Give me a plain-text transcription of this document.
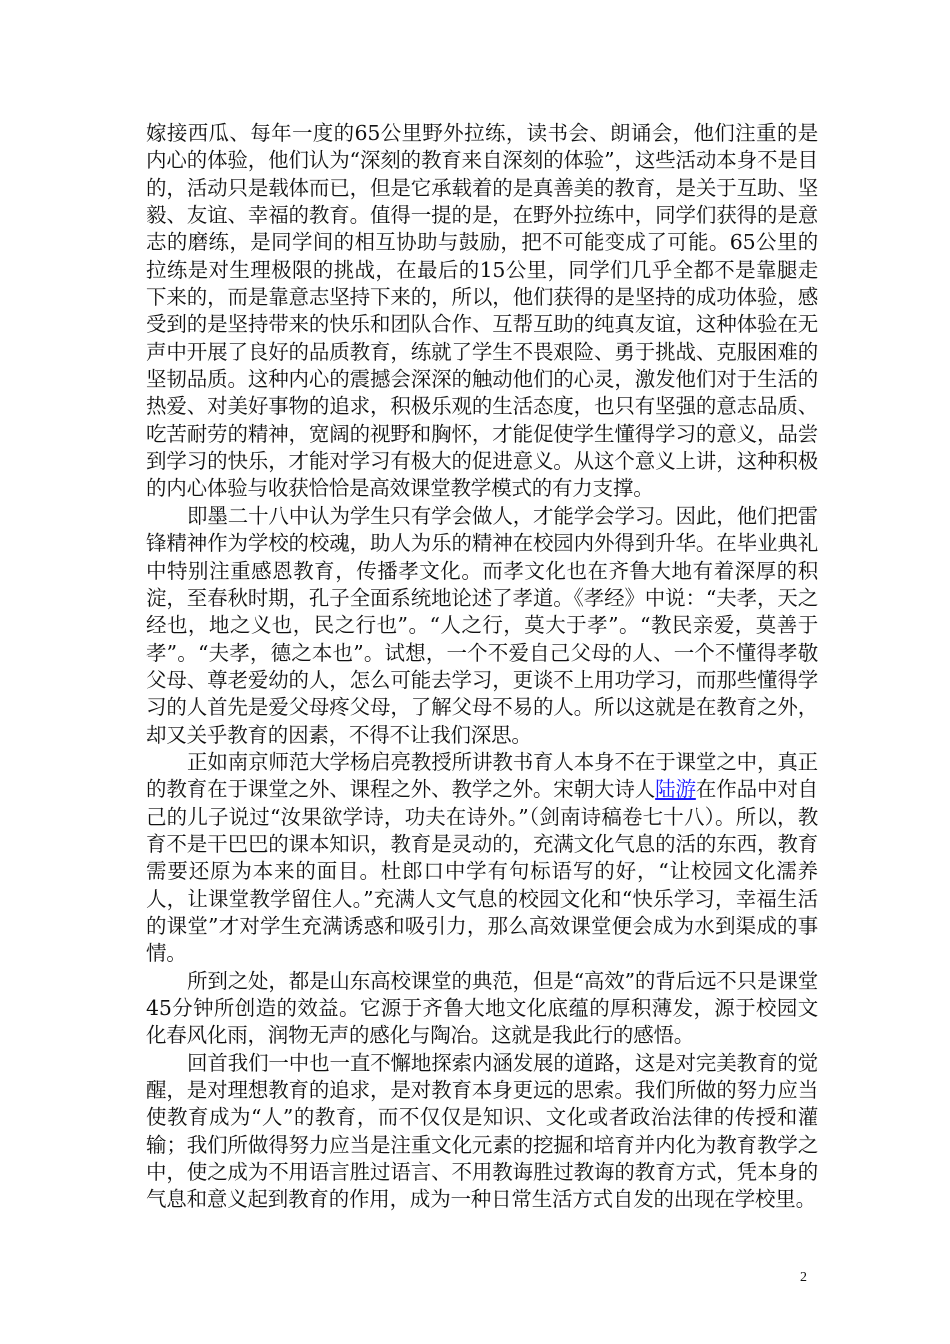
嫁接西瓜、每年一度的65公里野外拉练，读书会、朗诵会，他们注重的是内心的体验，他们认为“深刻的教育来自深刻的体验”，这些活动本身不是目的，活动只是载体而已，但是它承载着的是真善美的教育，是关于互助、坚毅、友谊、幸福的教育。值得一提的是，在野外拉练中，同学们获得的是意志的磨练，是同学间的相互协助与鼓励，把不可能变成了可能。65公里的拉练是对生理极限的挑战，在最后的15公里，同学们几乎全都不是靠腿走下来的，而是靠意志坚持下来的，所以，他们获得的是坚持的成功体验，感受到的是坚持带来的快乐和团队合作、互帮互助的纯真友谊，这种体验在无声中开展了良好的品质教育，练就了学生不畏艰险、勇于挑战、克服困难的坚韧品质。这种内心的震撼会深深的触动他们的心灵，激发他们对于生活的热爱、对美好事物的追求，积极乐观的生活态度，也只有坚强的意志品质、吃苦耐劳的精神，宽阔的视野和胸怀，才能促使学生懂得学习的意义，品尝到学习的快乐，才能对学习有极大的促进意义。从这个意义上讲，这种积极的内心体验与收获恰恰是高效课堂教学模式的有力支撑。

即墨二十八中认为学生只有学会做人，才能学会学习。因此，他们把雷锋精神作为学校的校魂，助人为乐的精神在校园内外得到升华。在毕业典礼中特别注重感恩教育，传播孝文化。而孝文化也在齐鲁大地有着深厚的积淀，至春秋时期，孔子全面系统地论述了孝道。《孝经》中说：“夫孝，天之经也，地之义也，民之行也”。“人之行，莫大于孝”。“教民亲爱，莫善于孝”。“夫孝，德之本也”。试想，一个不爱自己父母的人、一个不懂得孝敬父母、尊老爱幼的人，怎么可能去学习，更谈不上用功学习，而那些懂得学习的人首先是爱父母疼父母，了解父母不易的人。所以这就是在教育之外，却又关乎教育的因素，不得不让我们深思。

正如南京师范大学杨启亮教授所讲教书育人本身不在于课堂之中，真正的教育在于课堂之外、课程之外、教学之外。宋朝大诗人陆游在作品中对自己的儿子说过“汝果欲学诗，功夫在诗外。”（剑南诗稿卷七十八）。所以，教育不是干巴巴的课本知识，教育是灵动的，充满文化气息的活的东西，教育需要还原为本来的面目。杜郎口中学有句标语写的好，“让校园文化濡养人，让课堂教学留住人。”充满人文气息的校园文化和“快乐学习，幸福生活的课堂”才对学生充满诱惑和吸引力，那么高效课堂便会成为水到渠成的事情。

所到之处，都是山东高校课堂的典范，但是“高效”的背后远不只是课堂45分钟所创造的效益。它源于齐鲁大地文化底蕴的厚积薄发，源于校园文化春风化雨，润物无声的感化与陶冶。这就是我此行的感悟。

回首我们一中也一直不懈地探索内涵发展的道路，这是对完美教育的觉醒，是对理想教育的追求，是对教育本身更远的思索。我们所做的努力应当使教育成为“人”的教育，而不仅仅是知识、文化或者政治法律的传授和灌输；我们所做得努力应当是注重文化元素的挖掘和培育并内化为教育教学之中，使之成为不用语言胜过语言、不用教诲胜过教诲的教育方式，凭本身的气息和意义起到教育的作用，成为一种日常生活方式自发的出现在学校里。

2
